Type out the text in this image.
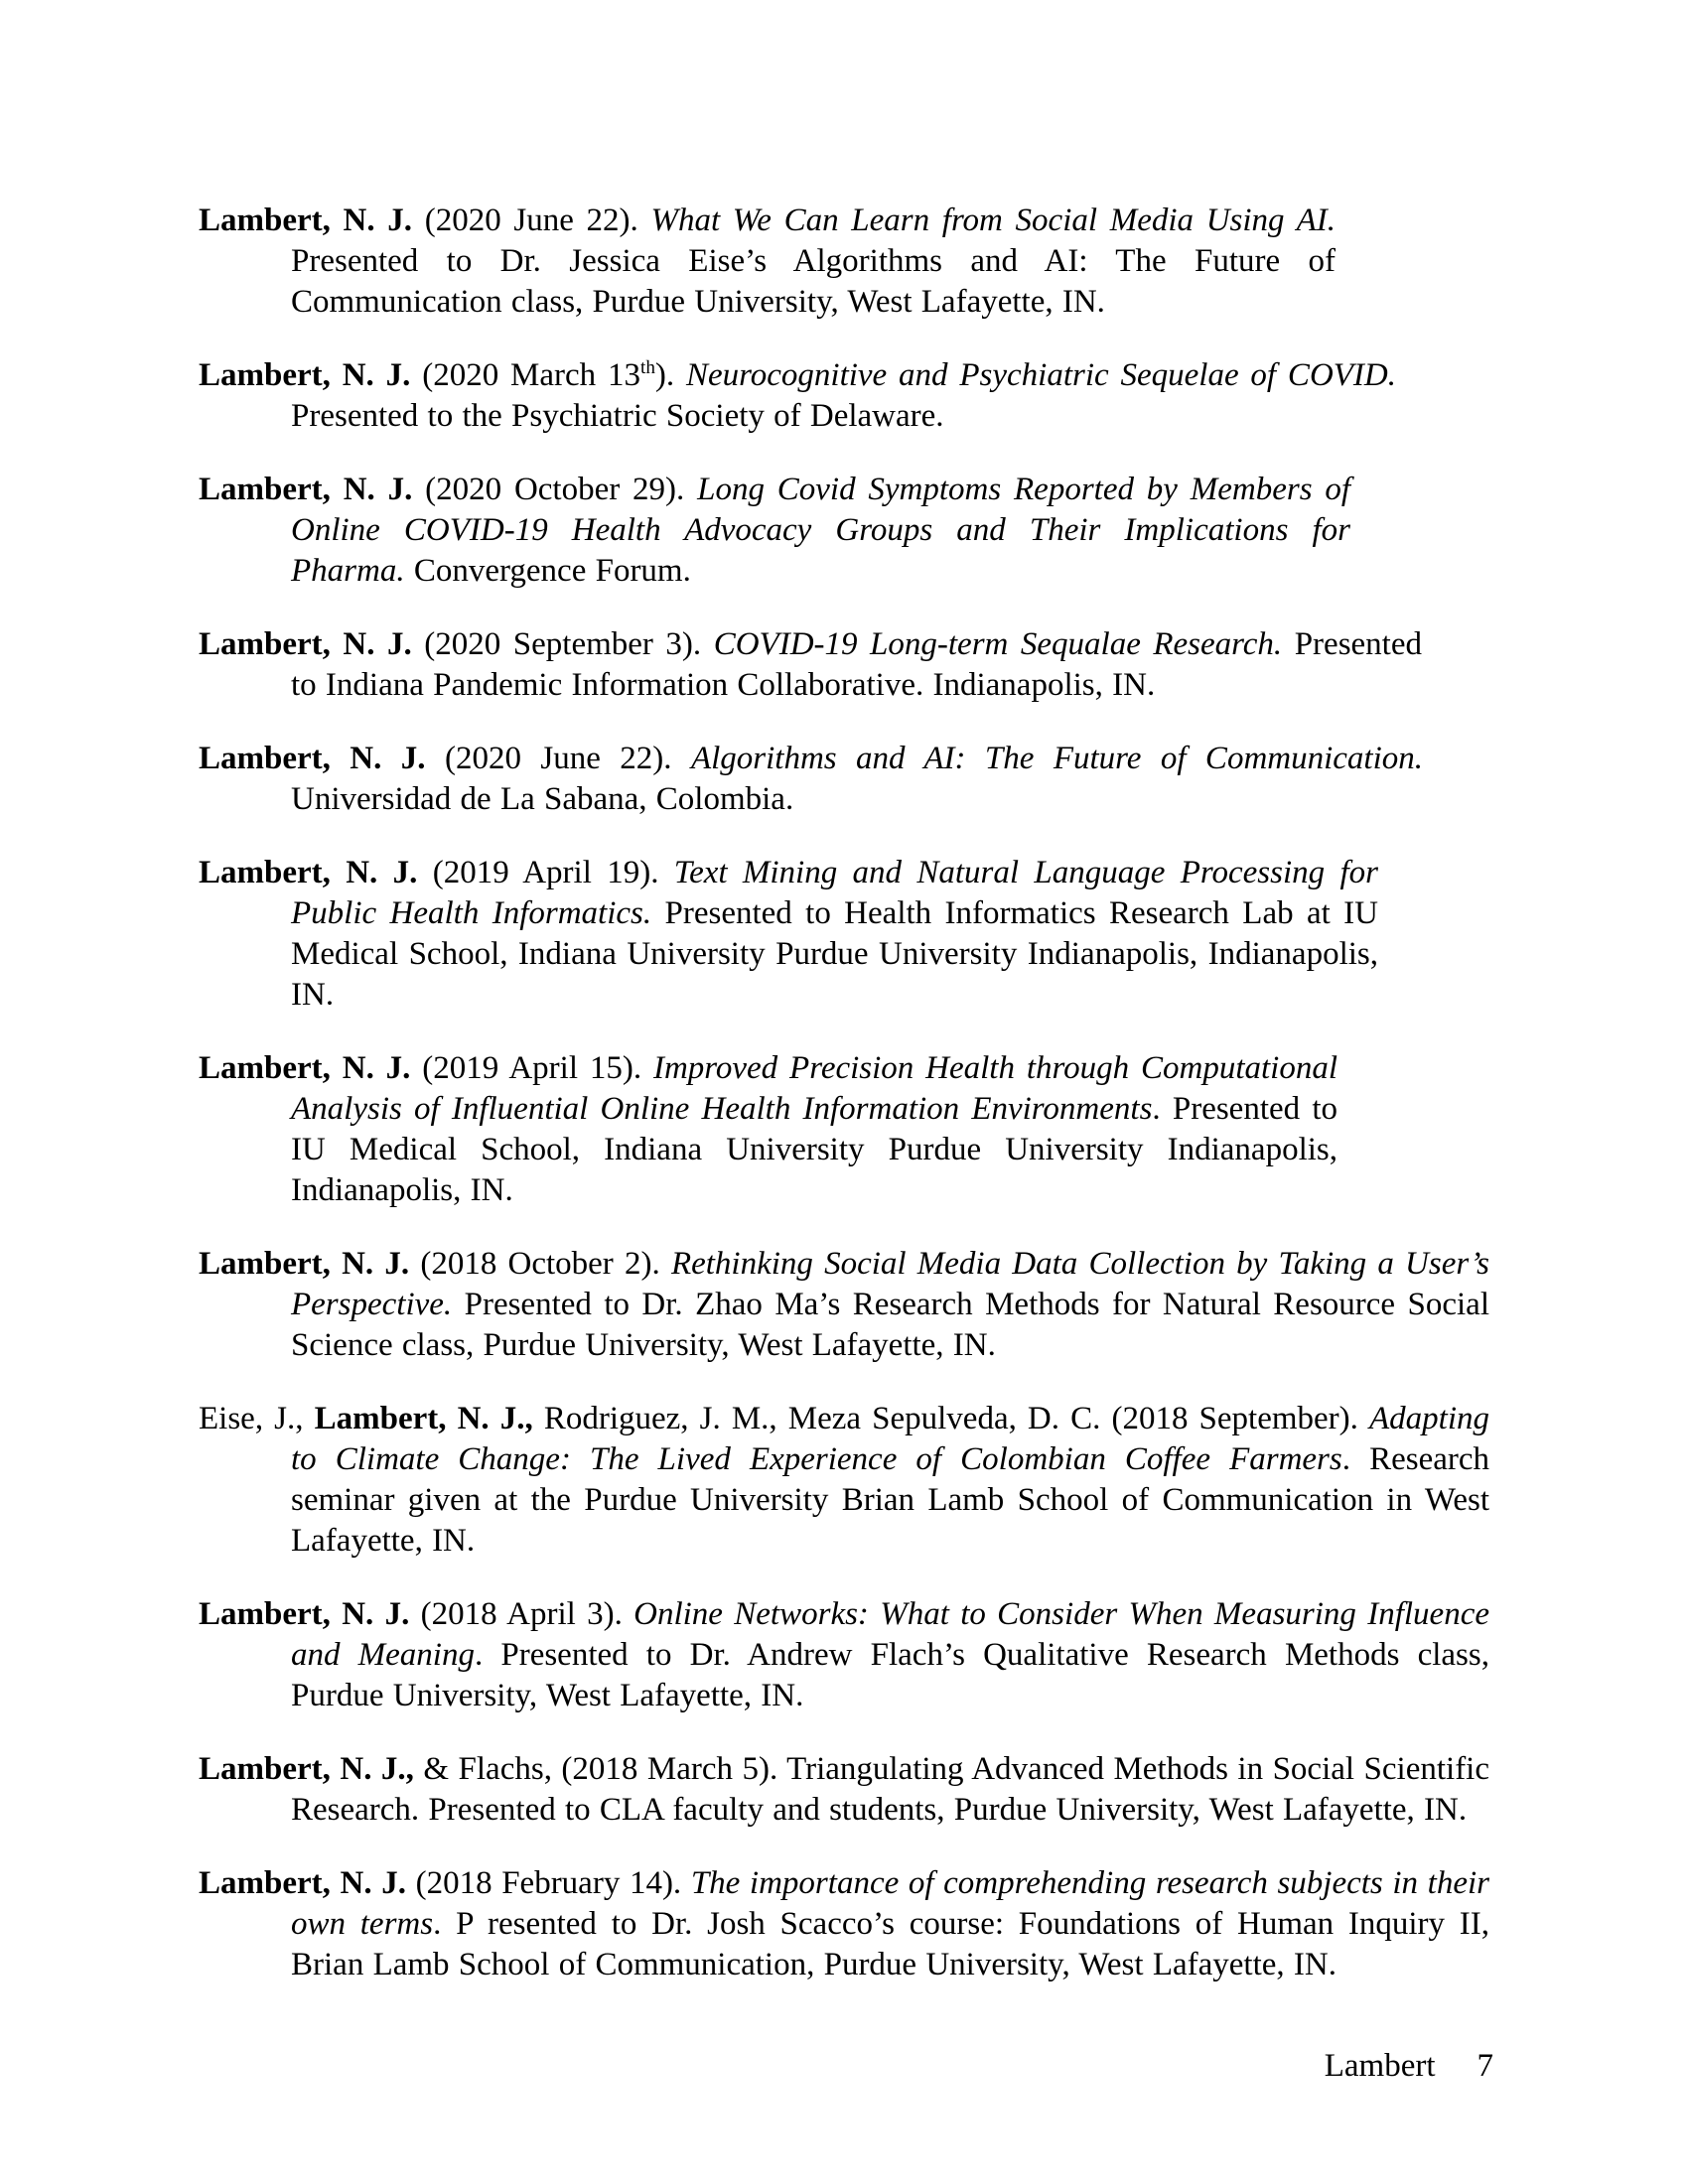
Lambert, N. J. (2020 June 22). What We Can Learn from Social Media Using AI. Presented to Dr. Jessica Eise’s Algorithms and AI: The Future of Communication class, Purdue University, West Lafayette, IN.

Lambert, N. J. (2020 March 13th). Neurocognitive and Psychiatric Sequelae of COVID. Presented to the Psychiatric Society of Delaware.

Lambert, N. J. (2020 October 29). Long Covid Symptoms Reported by Members of Online COVID-19 Health Advocacy Groups and Their Implications for Pharma. Convergence Forum.

Lambert, N. J. (2020 September 3). COVID-19 Long-term Sequalae Research. Presented to Indiana Pandemic Information Collaborative. Indianapolis, IN.

Lambert, N. J. (2020 June 22). Algorithms and AI: The Future of Communication. Universidad de La Sabana, Colombia.

Lambert, N. J. (2019 April 19). Text Mining and Natural Language Processing for Public Health Informatics. Presented to Health Informatics Research Lab at IU Medical School, Indiana University Purdue University Indianapolis, Indianapolis, IN.

Lambert, N. J. (2019 April 15). Improved Precision Health through Computational Analysis of Influential Online Health Information Environments. Presented to IU Medical School, Indiana University Purdue University Indianapolis, Indianapolis, IN.

Lambert, N. J. (2018 October 2). Rethinking Social Media Data Collection by Taking a User’s Perspective. Presented to Dr. Zhao Ma’s Research Methods for Natural Resource Social Science class, Purdue University, West Lafayette, IN.

Eise, J., Lambert, N. J., Rodriguez, J. M., Meza Sepulveda, D. C. (2018 September). Adapting to Climate Change: The Lived Experience of Colombian Coffee Farmers. Research seminar given at the Purdue University Brian Lamb School of Communication in West Lafayette, IN.

Lambert, N. J. (2018 April 3). Online Networks: What to Consider When Measuring Influence and Meaning. Presented to Dr. Andrew Flach’s Qualitative Research Methods class, Purdue University, West Lafayette, IN.

Lambert, N. J., & Flachs, (2018 March 5). Triangulating Advanced Methods in Social Scientific Research. Presented to CLA faculty and students, Purdue University, West Lafayette, IN.

Lambert, N. J. (2018 February 14). The importance of comprehending research subjects in their own terms. P resented to Dr. Josh Scacco’s course: Foundations of Human Inquiry II, Brian Lamb School of Communication, Purdue University, West Lafayette, IN.

Lambert 7
